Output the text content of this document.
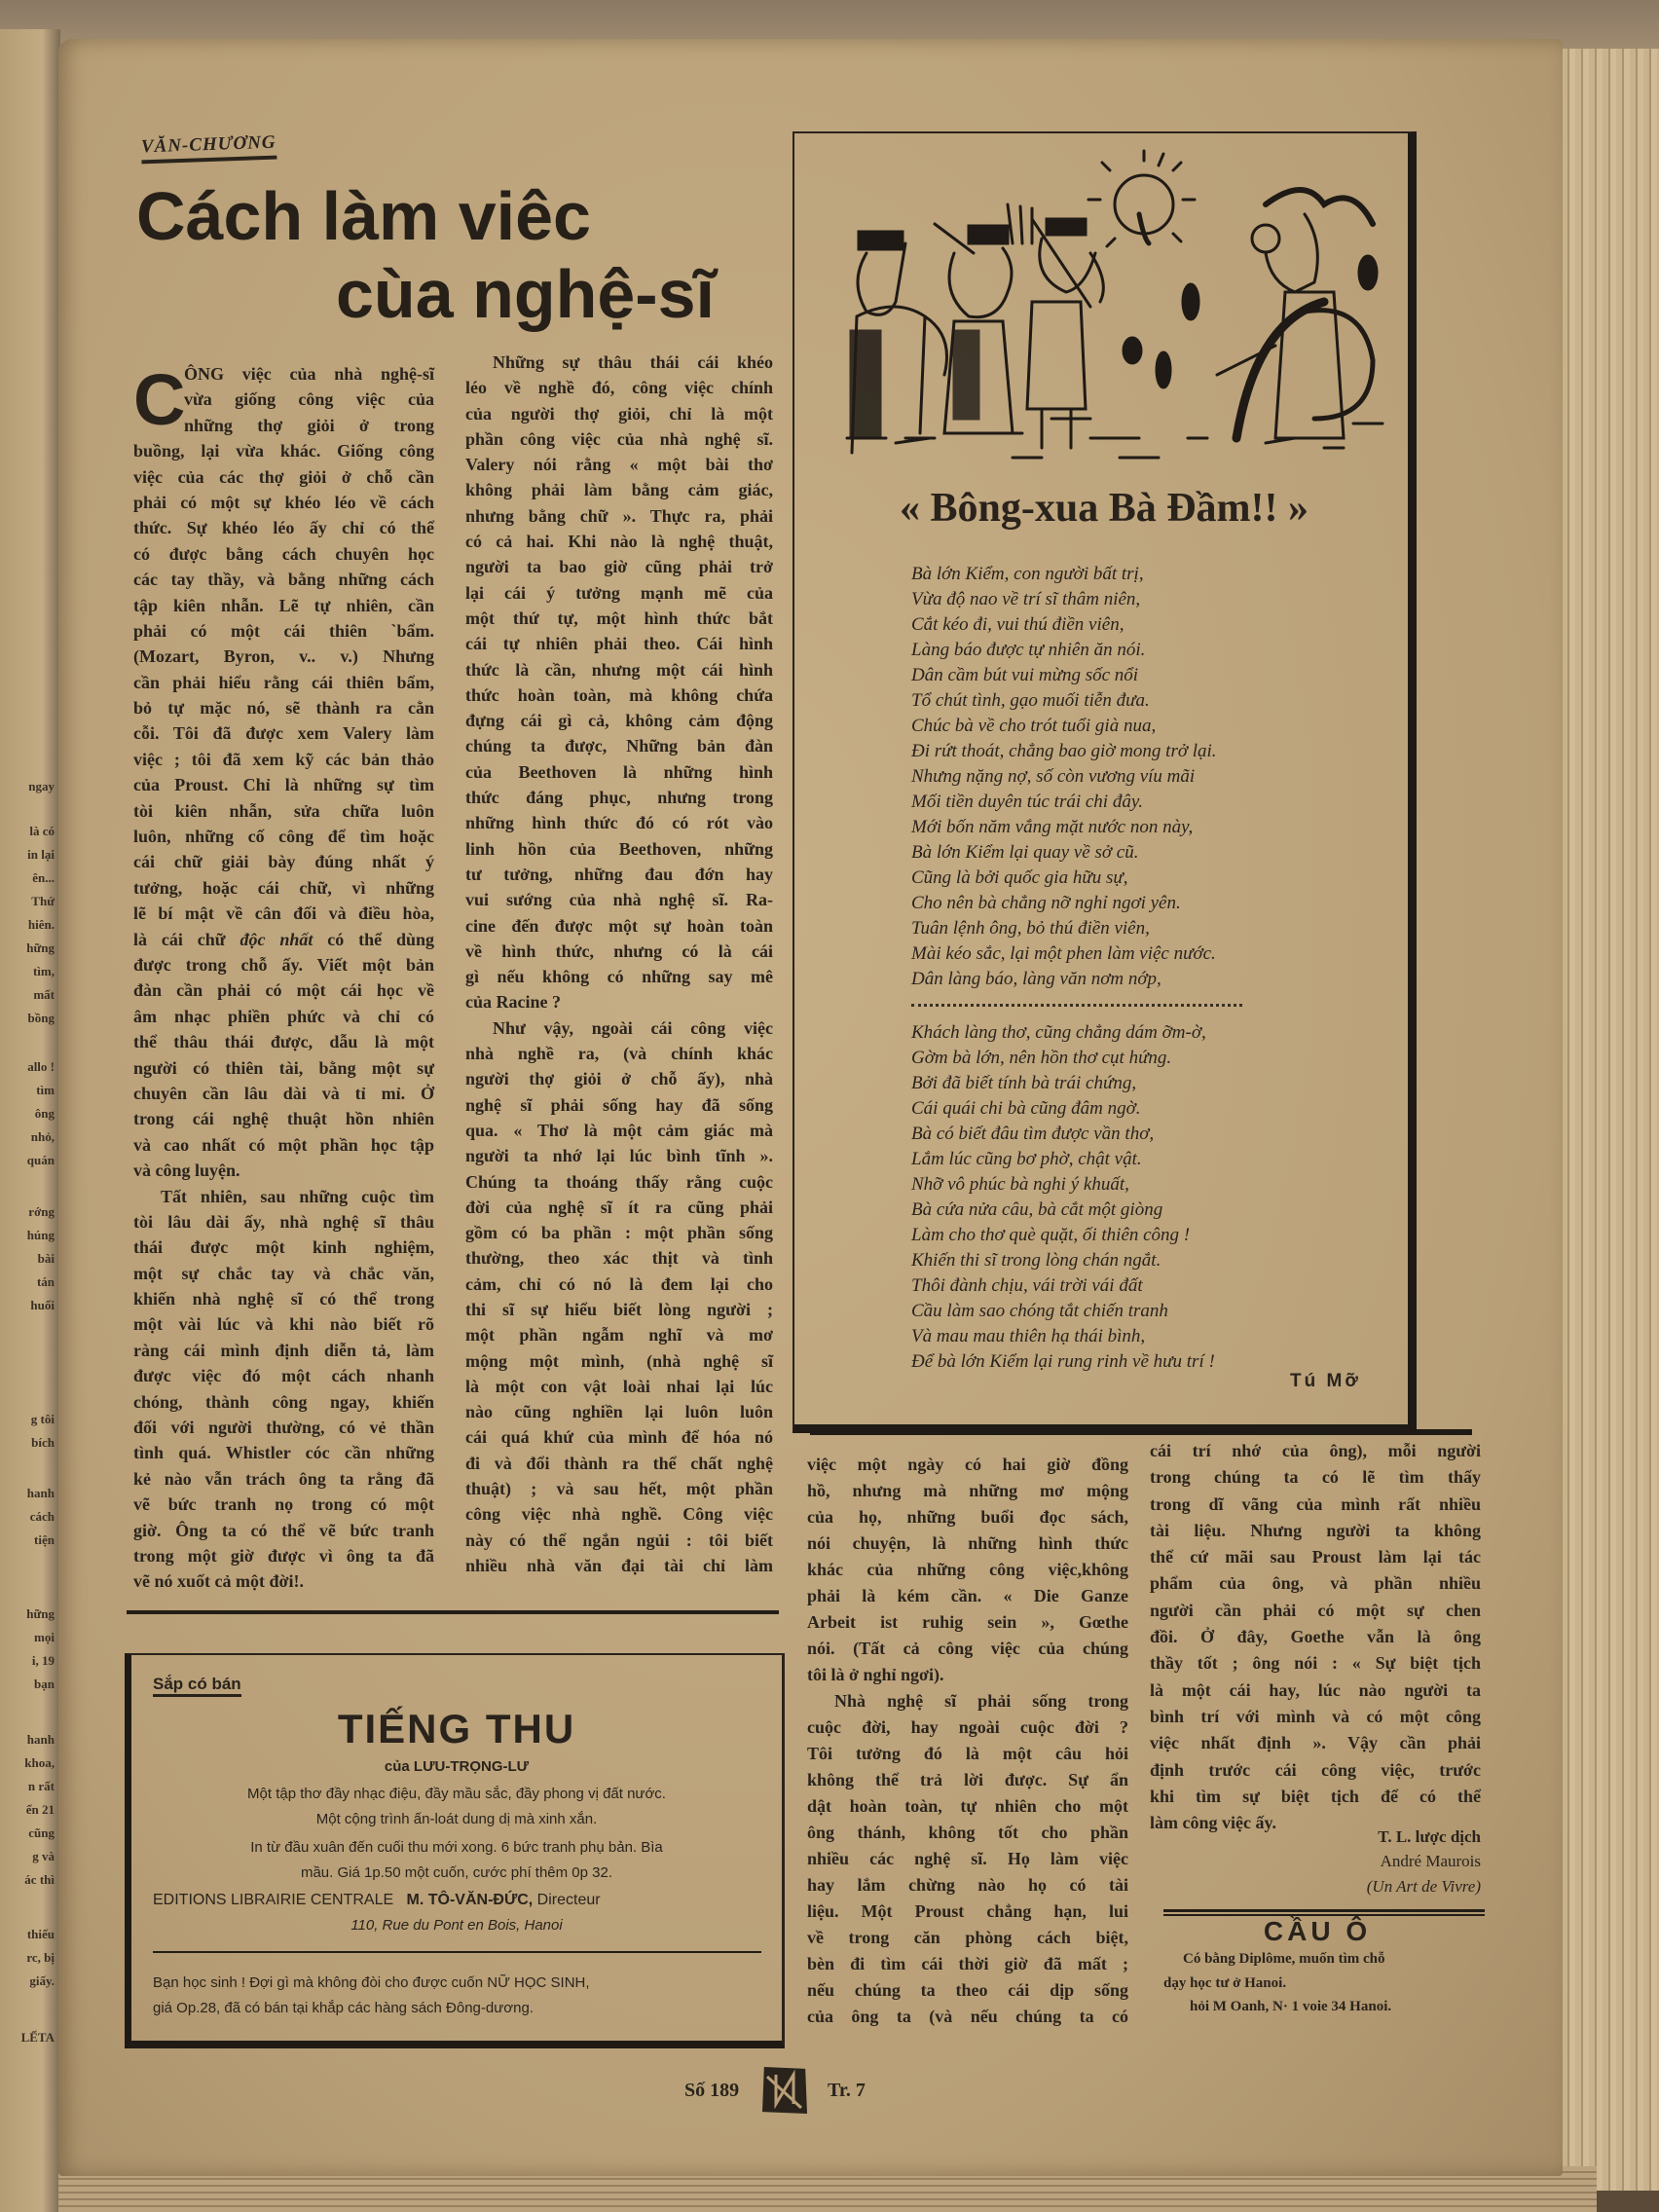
VĂN-CHƯƠNG
Cách làm viêc
cùa nghệ-sĩ
C
ÔNG việc của nhà nghệ-sĩ
vừa giống công việc của
những thợ giỏi ở trong
buồng, lại vừa khác. Giống công
việc của các thợ giỏi ở chỗ cần
phải có một sự khéo léo về cách
thức. Sự khéo léo ấy chỉ có thể
có được bằng cách chuyên học
các tay thầy, và bằng những cách
tập kiên nhẫn. Lẽ tự nhiên, cần
phải có một cái thiên `bẩm.
(Mozart, Byron, v.. v.) Nhưng
cần phải hiểu rằng cái thiên bẩm,
bỏ tự mặc nó, sẽ thành ra cằn
cỗi. Tôi đã được xem Valery làm
việc ; tôi đã xem kỹ các bản thảo
của Proust. Chỉ là những sự tìm
tòi kiên nhẫn, sửa chữa luôn
luôn, những cố công để tìm hoặc
cái chữ giải bày đúng nhất ý
tưởng, hoặc cái chữ, vì những
lẽ bí mật về cân đối và điều hòa,
là cái chữ độc nhất có thể dùng
được trong chỗ ấy. Viết một bản
đàn cần phải có một cái học về
âm nhạc phiền phức và chỉ có
thể thâu thái được, dẫu là một
người có thiên tài, bằng một sự
chuyên cần lâu dài và tỉ mỉ. Ở
trong cái nghệ thuật hồn nhiên
và cao nhất có một phần học tập
và công luyện.
Tất nhiên, sau những cuộc tìm
tòi lâu dài ấy, nhà nghệ sĩ thâu
thái được một kinh nghiệm,
một sự chắc tay và chắc văn,
khiến nhà nghệ sĩ có thể trong
một vài lúc và khi nào biết rõ
ràng cái mình định diễn tả, làm
được việc đó một cách nhanh
chóng, thành công ngay, khiến
đối với người thường, có vẻ thần
tình quá. Whistler cóc cần những
kẻ nào vẫn trách ông ta rằng đã
vẽ bức tranh nọ trong có một
giờ. Ông ta có thể vẽ bức tranh
trong một giờ được vì ông ta đã
vẽ nó xuốt cả một đời!.
Những sự thâu thái cái khéo
léo về nghề đó, công việc chính
của người thợ giỏi, chỉ là một
phần công việc của nhà nghệ sĩ.
Valery nói rằng « một bài thơ
không phải làm bằng cảm giác,
nhưng bằng chữ ». Thực ra, phải
có cả hai. Khi nào là nghệ thuật,
người ta bao giờ cũng phải trở
lại cái ý tưởng mạnh mẽ của
một thứ tự, một hình thức bắt
cái tự nhiên phải theo. Cái hình
thức là cần, nhưng một cái hình
thức hoàn toàn, mà không chứa
đựng cái gì cả, không cảm động
chúng ta được, Những bản đàn
của Beethoven là những hình
thức đáng phục, nhưng trong
những hình thức đó có rót vào
linh hồn của Beethoven, những
tư tưởng, những đau đớn hay
vui sướng của nhà nghệ sĩ. Ra-
cine đến được một sự hoàn toàn
về hình thức, nhưng có là cái
gì nếu không có những say mê
của Racine ?
Như vậy, ngoài cái công việc
nhà nghề ra, (và chính khác
người thợ giỏi ở chỗ ấy), nhà
nghệ sĩ phải sống hay đã sống
qua. « Thơ là một cảm giác mà
người ta nhớ lại lúc bình tĩnh ».
Chúng ta thoáng thấy rằng cuộc
đời của nghệ sĩ ít ra cũng phải
gồm có ba phần : một phần sống
thường, theo xác thịt và tình
cảm, chỉ có nó là đem lại cho
thi sĩ sự hiểu biết lòng người ;
một phần ngẫm nghĩ và mơ
mộng một mình, (nhà nghệ sĩ
là một con vật loài nhai lại lúc
nào cũng nghiền lại luôn luôn
cái quá khứ của mình để hóa nó
đi và đổi thành ra thể chất nghệ
thuật) ; và sau hết, một phần
công việc nhà nghề. Công việc
này có thể ngắn ngủi : tôi biết
nhiều nhà văn đại tài chỉ làm
việc một ngày có hai giờ đồng
hồ, nhưng mà những mơ mộng
của họ, những buổi đọc sách,
nói chuyện, là những hình thức
khác của những công việc,không
phải là kém cần. « Die Ganze
Arbeit ist ruhig sein », Gœthe
nói. (Tất cả công việc của chúng
tôi là ở nghỉ ngơi).
Nhà nghệ sĩ phải sống trong
cuộc đời, hay ngoài cuộc đời ?
Tôi tưởng đó là một câu hỏi
không thể trả lời được. Sự ẩn
dật hoàn toàn, tự nhiên cho một
ông thánh, không tốt cho phần
nhiều các nghệ sĩ. Họ làm việc
hay lắm chừng nào họ có tài
liệu. Một Proust chẳng hạn, lui
về trong căn phòng cách biệt,
bèn đi tìm cái thời giờ đã mất ;
nếu chúng ta theo cái dịp sống
của ông ta (và nếu chúng ta có
cái trí nhớ của ông), mỗi người
trong chúng ta có lẽ tìm thấy
trong dĩ vãng của mình rất nhiều
tài liệu. Nhưng người ta không
thể cứ mãi sau Proust làm lại tác
phẩm của ông, và phần nhiều
người cần phải có một sự chen
đồi. Ở đây, Goethe vẫn là ông
thầy tốt ; ông nói : « Sự biệt tịch
là một cái hay, lúc nào người ta
bình trí với mình và có một công
việc nhất định ». Vậy cần phải
định trước cái công việc, trước
khi tìm sự biệt tịch để có thể
làm công việc ấy.
T. L. lược dịch
André Maurois
(Un Art de Vivre)
CẦU Ô
Có bằng Diplôme, muốn tìm chỗ
dạy học tư ở Hanoi.
hỏi M Oanh, N· 1 voie 34 Hanoi.
« Bông-xua Bà Đầm!! »
Bà lớn Kiểm, con người bất trị,
Vừa độ nao về trí sĩ thâm niên,
Cắt kéo đi, vui thú điền viên,
Làng báo được tự nhiên ăn nói.
Dân cầm bút vui mừng sốc nổi
Tổ chút tình, gạo muối tiễn đưa.
Chúc bà về cho trót tuổi già nua,
Đi rứt thoát, chẳng bao giờ mong trở lại.
Nhưng nặng nợ, số còn vương víu mãi
Mối tiền duyên túc trái chi đây.
Mới bốn năm vắng mặt nước non này,
Bà lớn Kiểm lại quay về sở cũ.
Cũng là bởi quốc gia hữu sự,
Cho nên bà chẳng nỡ nghỉ ngơi yên.
Tuân lệnh ông, bỏ thú điền viên,
Mài kéo sắc, lại một phen làm việc nước.
Dân làng báo, làng văn nơm nớp,
Khách làng thơ, cũng chẳng dám ỡm-ờ,
Gờm bà lớn, nên hồn thơ cụt hứng.
Bởi đã biết tính bà trái chứng,
Cái quái chi bà cũng đâm ngờ.
Bà có biết đâu tìm được vần thơ,
Lắm lúc cũng bơ phờ, chật vật.
Nhỡ vô phúc bà nghi ý khuất,
Bà cứa nửa câu, bà cắt một giòng
Làm cho thơ què quặt, ối thiên công !
Khiến thi sĩ trong lòng chán ngắt.
Thôi đành chịu, vái trời vái đất
Cầu làm sao chóng tắt chiến tranh
Và mau mau thiên hạ thái bình,
Để bà lớn Kiểm lại rung rinh về hưu trí !
Tú Mỡ
Sắp có bán
TIẾNG THU
của LƯU-TRỌNG-LƯ
Một tập thơ đầy nhạc điệu, đầy mầu sắc, đầy phong vị đất nước.
Một cộng trình ấn-loát dung dị mà xinh xắn.
In từ đầu xuân đến cuối thu mới xong. 6 bức tranh phụ bản. Bìa
mầu. Giá 1p.50 một cuốn, cước phí thêm 0p 32.
EDITIONS LIBRAIRIE CENTRALE M. TÔ-VĂN-ĐỨC, Directeur
110, Rue du Pont en Bois, Hanoi
Bạn học sinh ! Đợi gì mà không đòi cho được cuốn NỮ HỌC SINH,
giá Op.28, đã có bán tại khắp các hàng sách Đông-dương.
Số 189	Tr. 7
ngay
là có
in lại
ên...
Thứ
hiên.
hững
tìm,
mất
bồng
allo !
tìm
ông
nhỏ,
quán
rớng
húng
bài
tán
huối
g tôi
bích
hanh
cách
tiện
hững
mọi
i, 19
bạn
hanh
khoa,
n rất
ến 21
cũng
g và
ác thì
thiếu
rc, bị
giấy.
LẾTA
